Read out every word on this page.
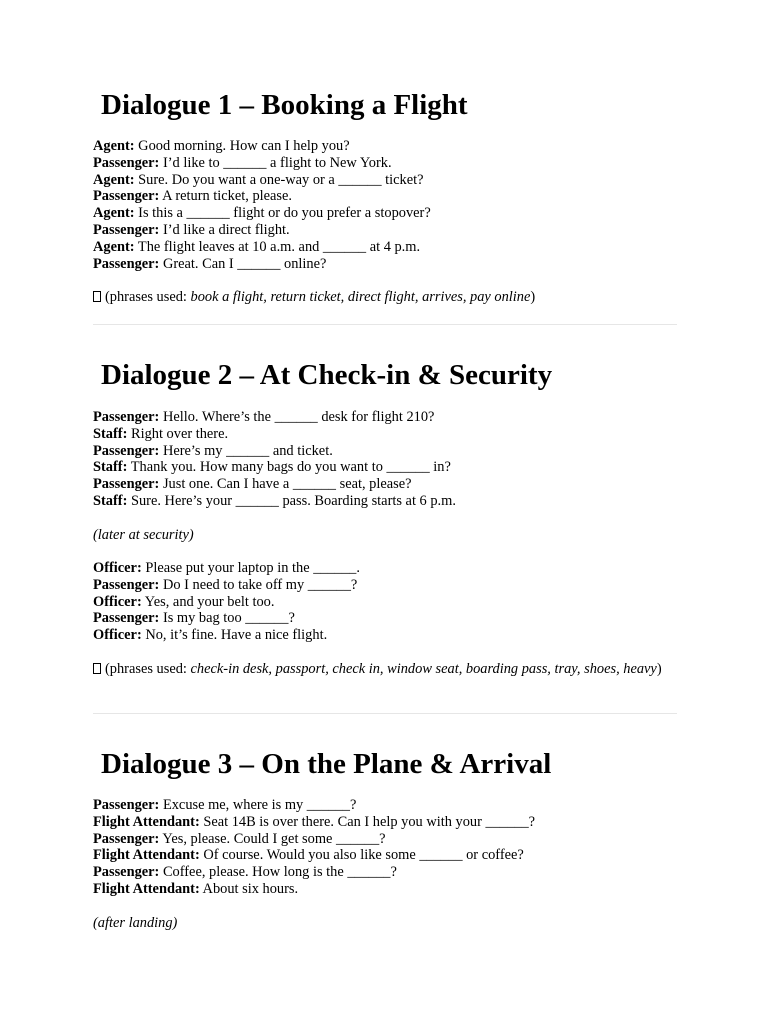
Dialogue 1 – Booking a Flight
Agent: Good morning. How can I help you?
Passenger: I’d like to ______ a flight to New York.
Agent: Sure. Do you want a one-way or a ______ ticket?
Passenger: A return ticket, please.
Agent: Is this a ______ flight or do you prefer a stopover?
Passenger: I’d like a direct flight.
Agent: The flight leaves at 10 a.m. and ______ at 4 p.m.
Passenger: Great. Can I ______ online?
(phrases used: book a flight, return ticket, direct flight, arrives, pay online)
Dialogue 2 – At Check-in & Security
Passenger: Hello. Where’s the ______ desk for flight 210?
Staff: Right over there.
Passenger: Here’s my ______ and ticket.
Staff: Thank you. How many bags do you want to ______ in?
Passenger: Just one. Can I have a ______ seat, please?
Staff: Sure. Here’s your ______ pass. Boarding starts at 6 p.m.
(later at security)
Officer: Please put your laptop in the ______.
Passenger: Do I need to take off my ______?
Officer: Yes, and your belt too.
Passenger: Is my bag too ______?
Officer: No, it’s fine. Have a nice flight.
(phrases used: check-in desk, passport, check in, window seat, boarding pass, tray, shoes, heavy)
Dialogue 3 – On the Plane & Arrival
Passenger: Excuse me, where is my ______?
Flight Attendant: Seat 14B is over there. Can I help you with your ______?
Passenger: Yes, please. Could I get some ______?
Flight Attendant: Of course. Would you also like some ______ or coffee?
Passenger: Coffee, please. How long is the ______?
Flight Attendant: About six hours.
(after landing)
